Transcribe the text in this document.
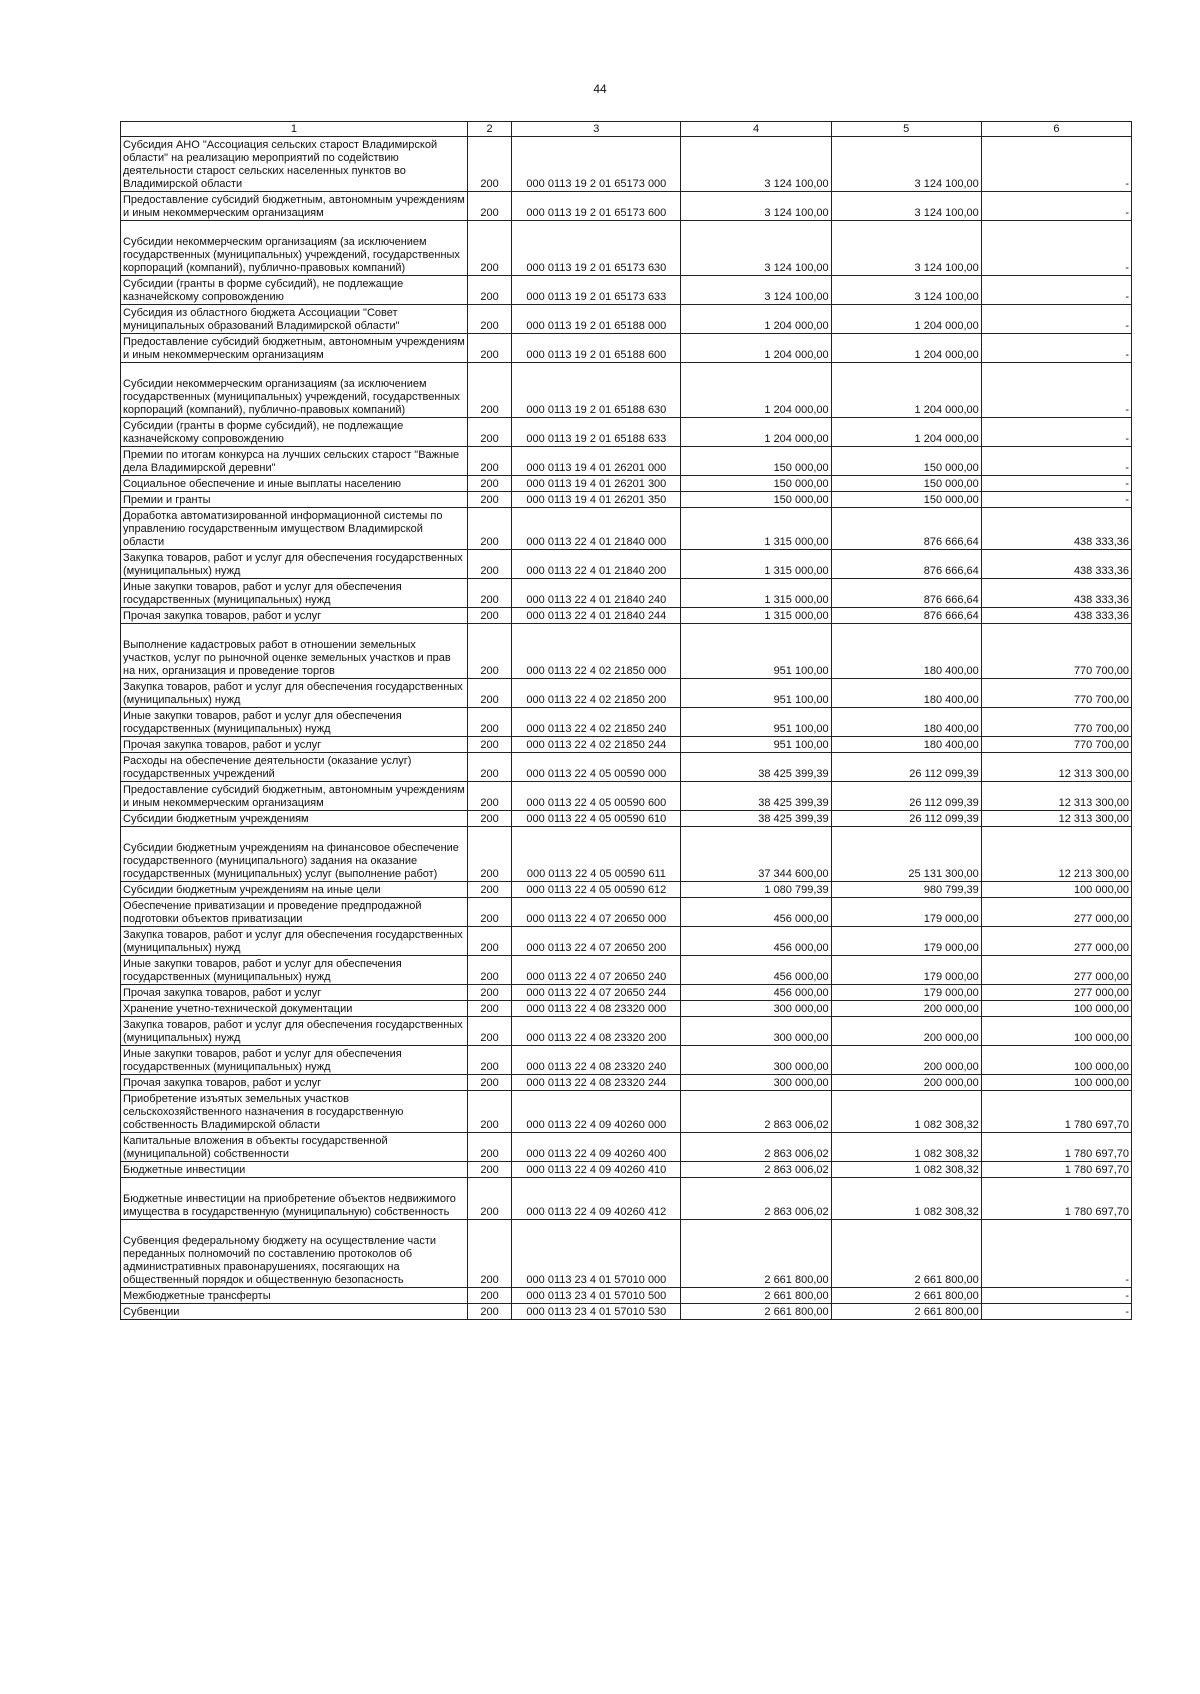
44
1	2	3	4	5	6
Субсидия АНО "Ассоциация сельских старост Владимирской области" на реализацию мероприятий по содействию деятельности старост сельских населенных пунктов во Владимирской области	200	000 0113 19 2 01 65173 000	3 124 100,00	3 124 100,00	-
Предоставление субсидий бюджетным, автономным учреждениям и иным некоммерческим организациям	200	000 0113 19 2 01 65173 600	3 124 100,00	3 124 100,00	-
Субсидии некоммерческим организациям (за исключением государственных (муниципальных) учреждений, государственных корпораций (компаний), публично-правовых компаний)	200	000 0113 19 2 01 65173 630	3 124 100,00	3 124 100,00	-
Субсидии (гранты в форме субсидий), не подлежащие казначейскому сопровождению	200	000 0113 19 2 01 65173 633	3 124 100,00	3 124 100,00	-
Субсидия из областного бюджета Ассоциации "Совет муниципальных образований Владимирской области"	200	000 0113 19 2 01 65188 000	1 204 000,00	1 204 000,00	-
Предоставление субсидий бюджетным, автономным учреждениям и иным некоммерческим организациям	200	000 0113 19 2 01 65188 600	1 204 000,00	1 204 000,00	-
Субсидии некоммерческим организациям (за исключением государственных (муниципальных) учреждений, государственных корпораций (компаний), публично-правовых компаний)	200	000 0113 19 2 01 65188 630	1 204 000,00	1 204 000,00	-
Субсидии (гранты в форме субсидий), не подлежащие казначейскому сопровождению	200	000 0113 19 2 01 65188 633	1 204 000,00	1 204 000,00	-
Премии по итогам конкурса на лучших сельских старост "Важные дела Владимирской деревни"	200	000 0113 19 4 01 26201 000	150 000,00	150 000,00	-
Социальное обеспечение и иные выплаты населению	200	000 0113 19 4 01 26201 300	150 000,00	150 000,00	-
Премии и гранты	200	000 0113 19 4 01 26201 350	150 000,00	150 000,00	-
Доработка автоматизированной информационной системы по управлению государственным имуществом Владимирской области	200	000 0113 22 4 01 21840 000	1 315 000,00	876 666,64	438 333,36
Закупка товаров, работ и услуг для обеспечения государственных (муниципальных) нужд	200	000 0113 22 4 01 21840 200	1 315 000,00	876 666,64	438 333,36
Иные закупки товаров, работ и услуг для обеспечения государственных (муниципальных) нужд	200	000 0113 22 4 01 21840 240	1 315 000,00	876 666,64	438 333,36
Прочая закупка товаров, работ и услуг	200	000 0113 22 4 01 21840 244	1 315 000,00	876 666,64	438 333,36
Выполнение кадастровых работ в отношении земельных участков, услуг по рыночной оценке земельных участков и прав на них, организация и проведение торгов	200	000 0113 22 4 02 21850 000	951 100,00	180 400,00	770 700,00
Закупка товаров, работ и услуг для обеспечения государственных (муниципальных) нужд	200	000 0113 22 4 02 21850 200	951 100,00	180 400,00	770 700,00
Иные закупки товаров, работ и услуг для обеспечения государственных (муниципальных) нужд	200	000 0113 22 4 02 21850 240	951 100,00	180 400,00	770 700,00
Прочая закупка товаров, работ и услуг	200	000 0113 22 4 02 21850 244	951 100,00	180 400,00	770 700,00
Расходы на обеспечение деятельности (оказание услуг) государственных учреждений	200	000 0113 22 4 05 00590 000	38 425 399,39	26 112 099,39	12 313 300,00
Предоставление субсидий бюджетным, автономным учреждениям и иным некоммерческим организациям	200	000 0113 22 4 05 00590 600	38 425 399,39	26 112 099,39	12 313 300,00
Субсидии бюджетным учреждениям	200	000 0113 22 4 05 00590 610	38 425 399,39	26 112 099,39	12 313 300,00
Субсидии бюджетным учреждениям на финансовое обеспечение государственного (муниципального) задания на оказание государственных (муниципальных) услуг (выполнение работ)	200	000 0113 22 4 05 00590 611	37 344 600,00	25 131 300,00	12 213 300,00
Субсидии бюджетным учреждениям на иные цели	200	000 0113 22 4 05 00590 612	1 080 799,39	980 799,39	100 000,00
Обеспечение приватизации и проведение предпродажной подготовки объектов приватизации	200	000 0113 22 4 07 20650 000	456 000,00	179 000,00	277 000,00
Закупка товаров, работ и услуг для обеспечения государственных (муниципальных) нужд	200	000 0113 22 4 07 20650 200	456 000,00	179 000,00	277 000,00
Иные закупки товаров, работ и услуг для обеспечения государственных (муниципальных) нужд	200	000 0113 22 4 07 20650 240	456 000,00	179 000,00	277 000,00
Прочая закупка товаров, работ и услуг	200	000 0113 22 4 07 20650 244	456 000,00	179 000,00	277 000,00
Хранение учетно-технической документации	200	000 0113 22 4 08 23320 000	300 000,00	200 000,00	100 000,00
Закупка товаров, работ и услуг для обеспечения государственных (муниципальных) нужд	200	000 0113 22 4 08 23320 200	300 000,00	200 000,00	100 000,00
Иные закупки товаров, работ и услуг для обеспечения государственных (муниципальных) нужд	200	000 0113 22 4 08 23320 240	300 000,00	200 000,00	100 000,00
Прочая закупка товаров, работ и услуг	200	000 0113 22 4 08 23320 244	300 000,00	200 000,00	100 000,00
Приобретение изъятых земельных участков сельскохозяйственного назначения в государственную собственность Владимирской области	200	000 0113 22 4 09 40260 000	2 863 006,02	1 082 308,32	1 780 697,70
Капитальные вложения в объекты государственной (муниципальной) собственности	200	000 0113 22 4 09 40260 400	2 863 006,02	1 082 308,32	1 780 697,70
Бюджетные инвестиции	200	000 0113 22 4 09 40260 410	2 863 006,02	1 082 308,32	1 780 697,70
Бюджетные инвестиции на приобретение объектов недвижимого имущества в государственную (муниципальную) собственность	200	000 0113 22 4 09 40260 412	2 863 006,02	1 082 308,32	1 780 697,70
Субвенция федеральному бюджету на осуществление части переданных полномочий по составлению протоколов об административных правонарушениях, посягающих на общественный порядок и общественную безопасность	200	000 0113 23 4 01 57010 000	2 661 800,00	2 661 800,00	-
Межбюджетные трансферты	200	000 0113 23 4 01 57010 500	2 661 800,00	2 661 800,00	-
Субвенции	200	000 0113 23 4 01 57010 530	2 661 800,00	2 661 800,00	-
